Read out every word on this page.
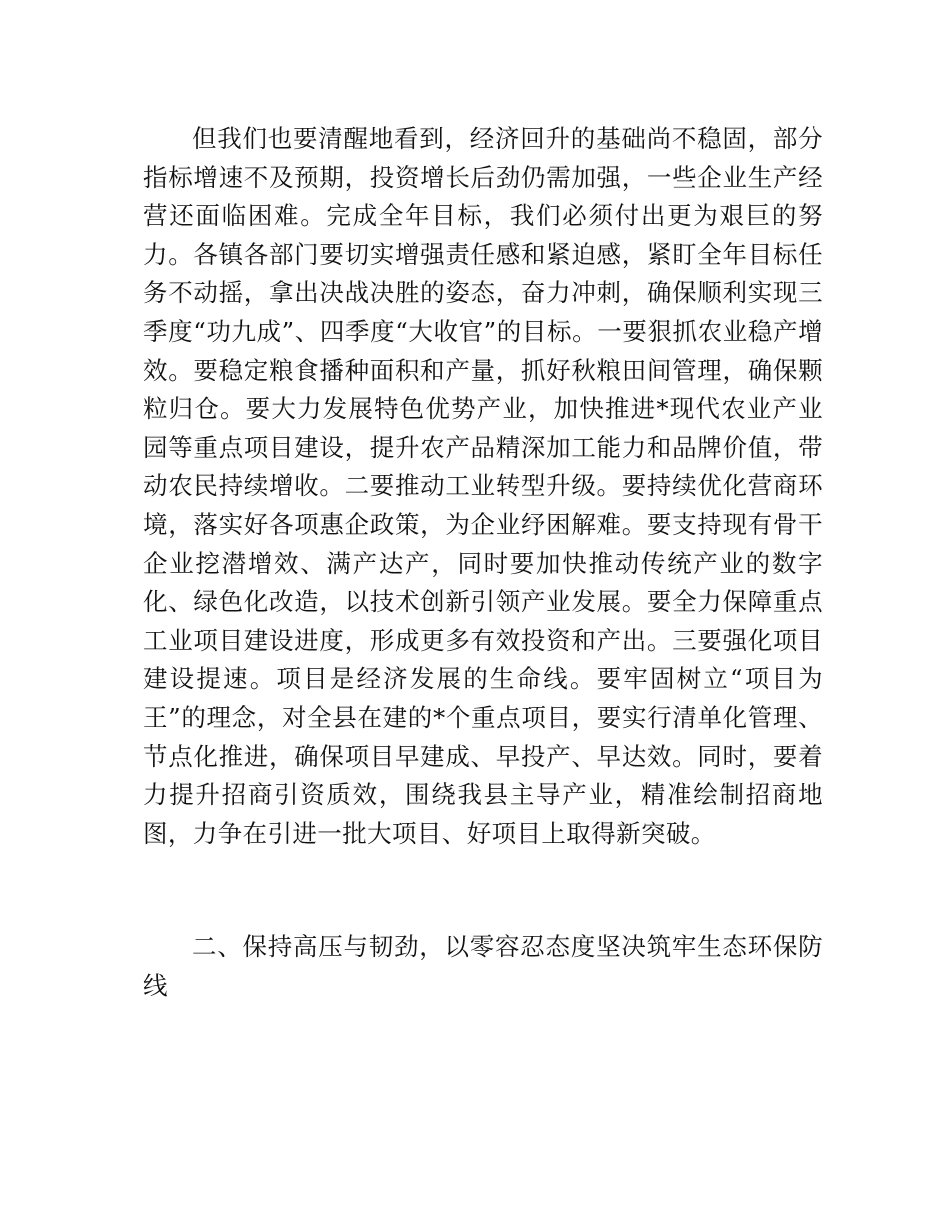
但我们也要清醒地看到，经济回升的基础尚不稳固，部分指标增速不及预期，投资增长后劲仍需加强，一些企业生产经营还面临困难。完成全年目标，我们必须付出更为艰巨的努力。各镇各部门要切实增强责任感和紧迫感，紧盯全年目标任务不动摇，拿出决战决胜的姿态，奋力冲刺，确保顺利实现三季度“功九成”、四季度“大收官”的目标。一要狠抓农业稳产增效。要稳定粮食播种面积和产量，抓好秋粮田间管理，确保颗粒归仓。要大力发展特色优势产业，加快推进*现代农业产业园等重点项目建设，提升农产品精深加工能力和品牌价值，带动农民持续增收。二要推动工业转型升级。要持续优化营商环境，落实好各项惠企政策，为企业纾困解难。要支持现有骨干企业挖潜增效、满产达产，同时要加快推动传统产业的数字化、绿色化改造，以技术创新引领产业发展。要全力保障重点工业项目建设进度，形成更多有效投资和产出。三要强化项目建设提速。项目是经济发展的生命线。要牢固树立“项目为王”的理念，对全县在建的*个重点项目，要实行清单化管理、节点化推进，确保项目早建成、早投产、早达效。同时，要着力提升招商引资质效，围绕我县主导产业，精准绘制招商地图，力争在引进一批大项目、好项目上取得新突破。

二、保持高压与韧劲，以零容忍态度坚决筑牢生态环保防线
